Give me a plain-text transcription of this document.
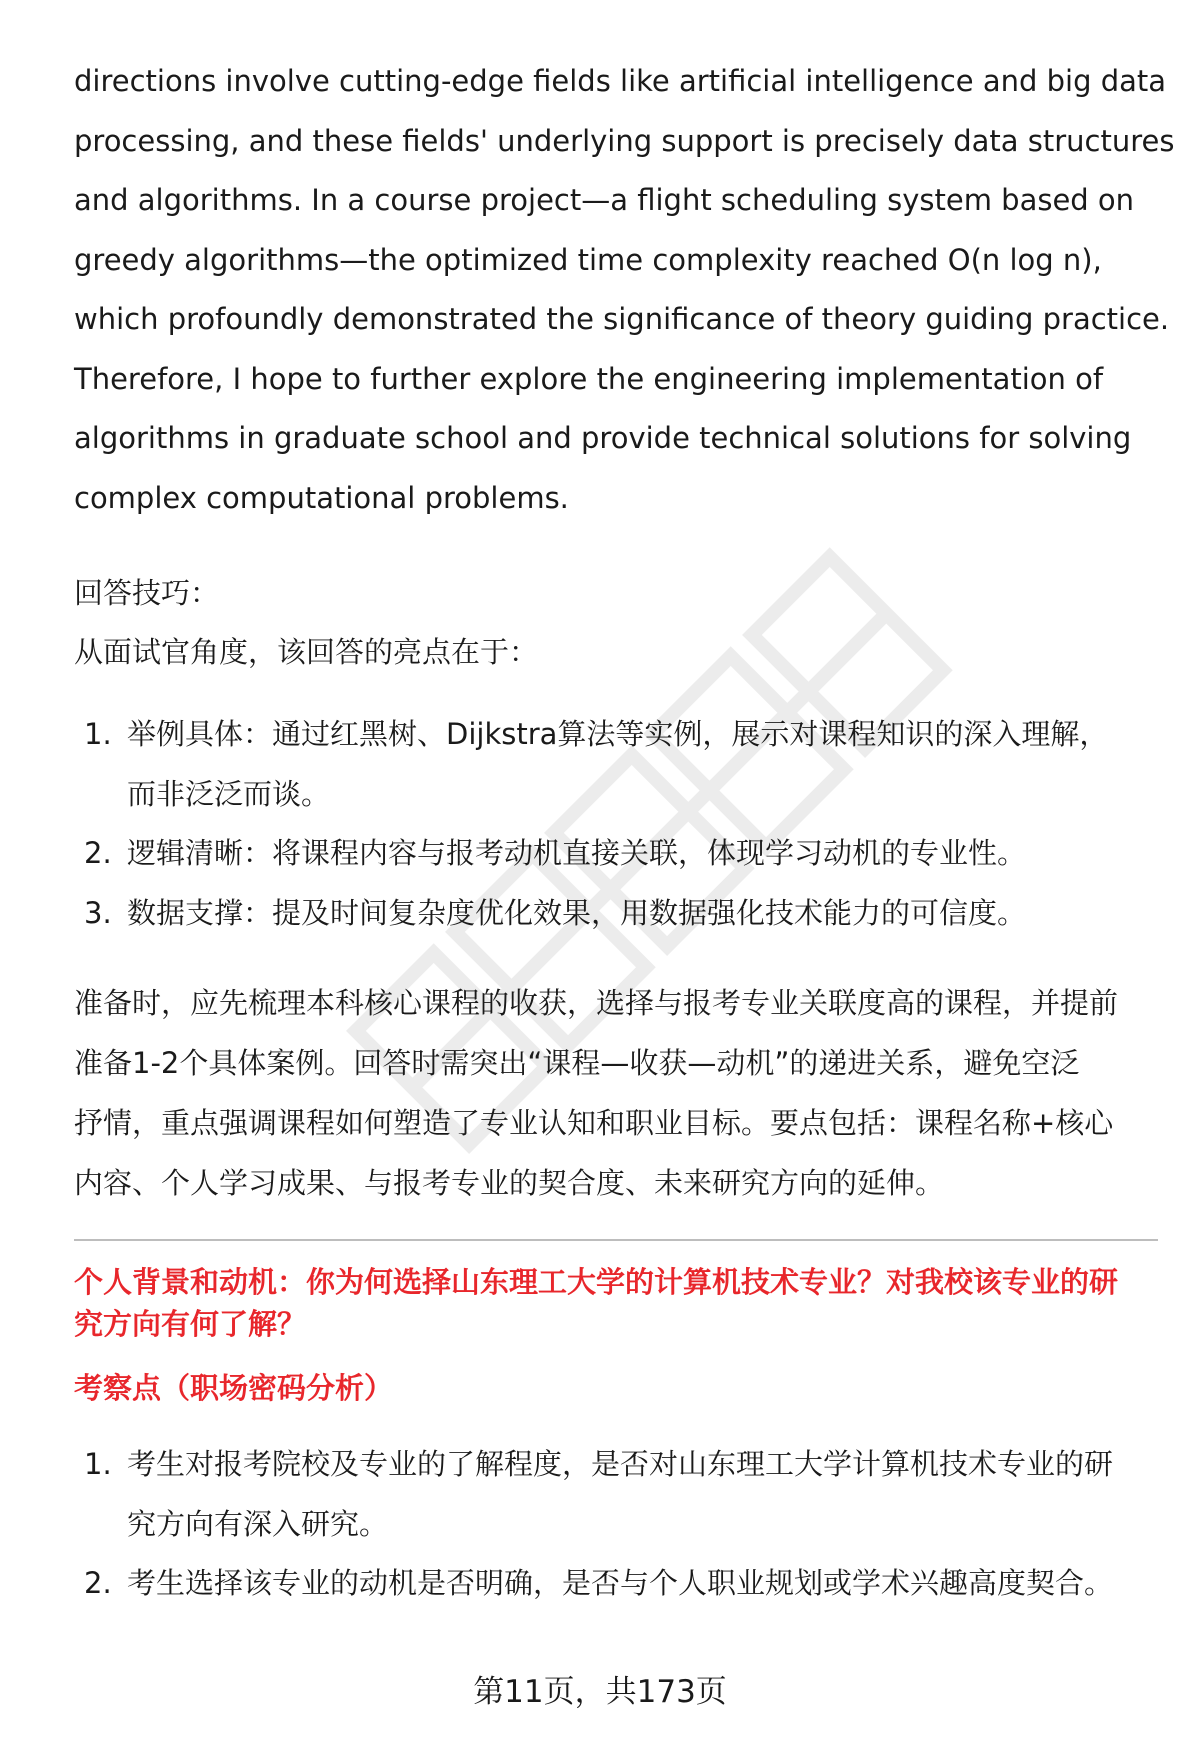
directions involve cutting-edge fields like artificial intelligence and big data
processing, and these fields' underlying support is precisely data structures
and algorithms. In a course project—a flight scheduling system based on
greedy algorithms—the optimized time complexity reached O(n log n),
which profoundly demonstrated the significance of theory guiding practice.
Therefore, I hope to further explore the engineering implementation of
algorithms in graduate school and provide technical solutions for solving
complex computational problems.

回答技巧：

从面试官角度，该回答的亮点在于：

1. 举例具体：通过红黑树、Dijkstra算法等实例，展示对课程知识的深入理解，
而非泛泛而谈。
2. 逻辑清晰：将课程内容与报考动机直接关联，体现学习动机的专业性。
3. 数据支撑：提及时间复杂度优化效果，用数据强化技术能力的可信度。

准备时，应先梳理本科核心课程的收获，选择与报考专业关联度高的课程，并提前
准备1-2个具体案例。回答时需突出“课程—收获—动机”的递进关系，避免空泛
抒情，重点强调课程如何塑造了专业认知和职业目标。要点包括：课程名称+核心
内容、个人学习成果、与报考专业的契合度、未来研究方向的延伸。

个人背景和动机：你为何选择山东理工大学的计算机技术专业？对我校该专业的研
究方向有何了解？
考察点（职场密码分析）
1. 考生对报考院校及专业的了解程度，是否对山东理工大学计算机技术专业的研
究方向有深入研究。
2. 考生选择该专业的动机是否明确，是否与个人职业规划或学术兴趣高度契合。
第11页，共173页
